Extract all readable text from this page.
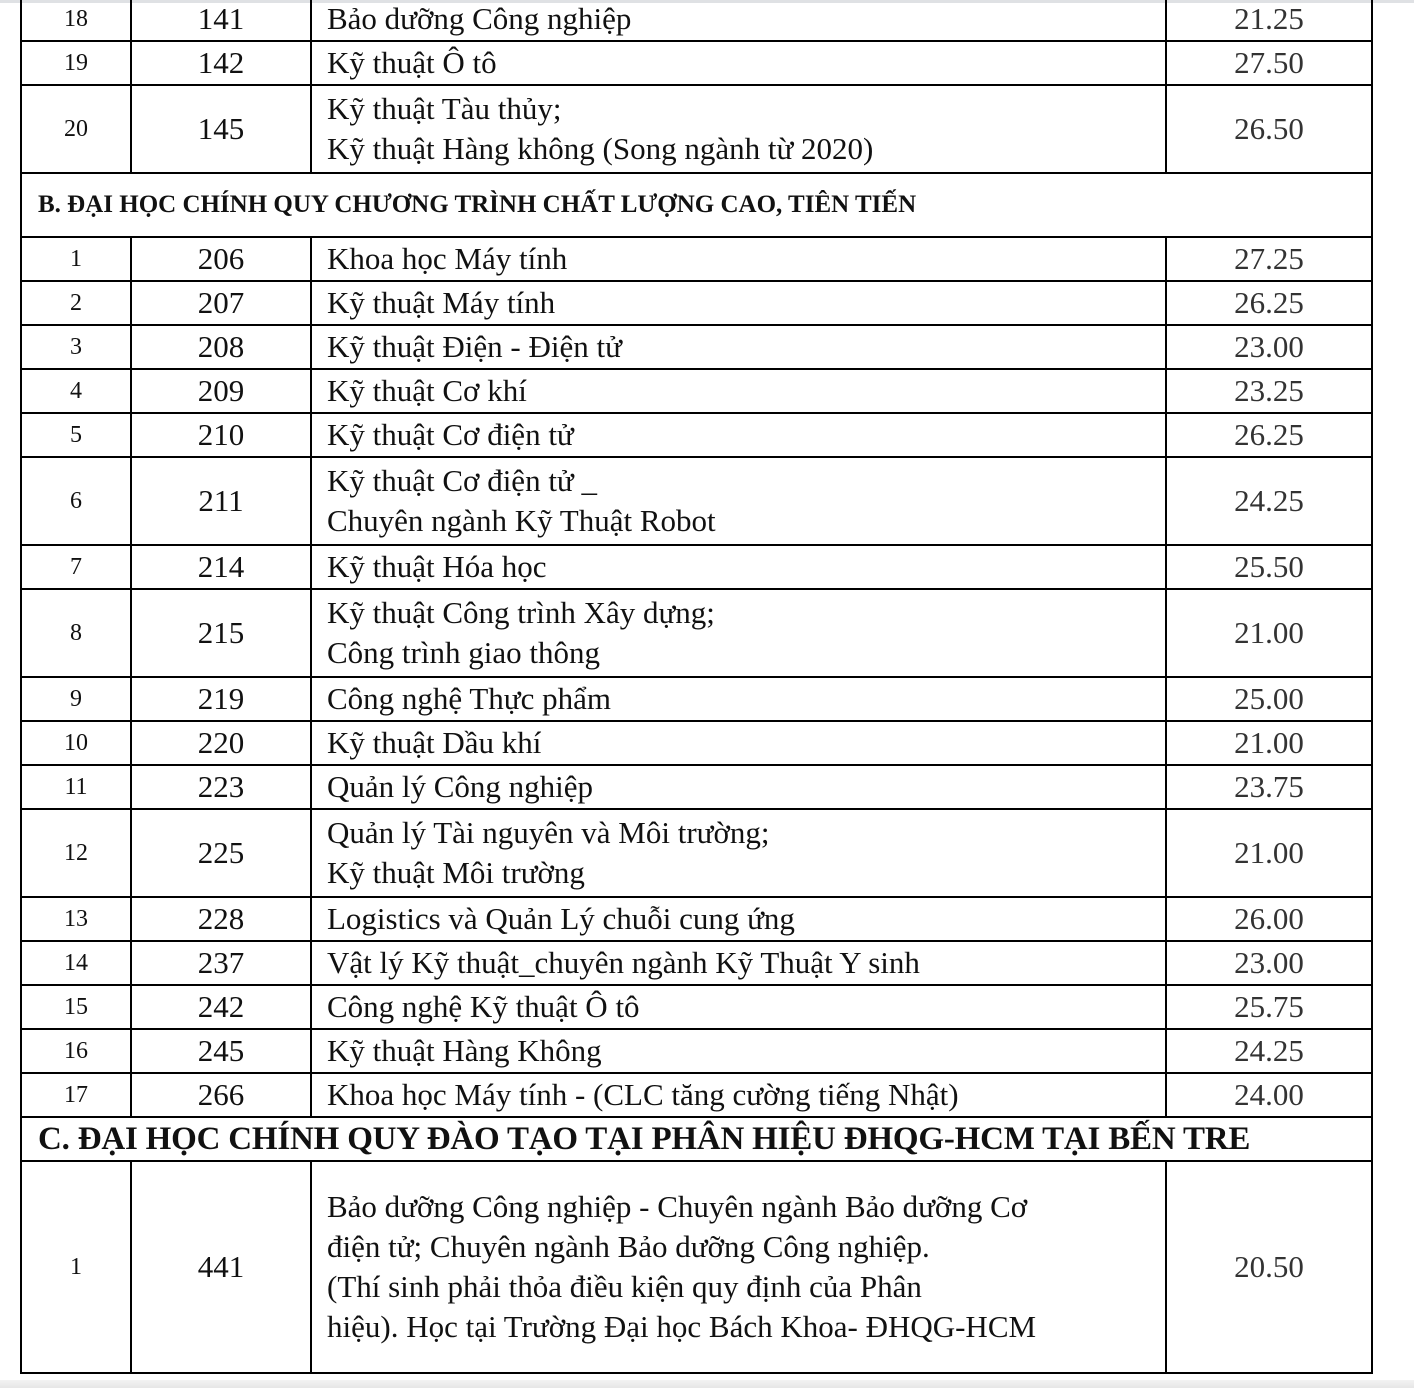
18	141	Bảo dưỡng Công nghiệp	21.25
19	142	Kỹ thuật Ô tô	27.50
20	145	Kỹ thuật Tàu thủy;
Kỹ thuật Hàng không (Song ngành từ 2020)	26.50
B. ĐẠI HỌC CHÍNH QUY CHƯƠNG TRÌNH CHẤT LƯỢNG CAO, TIÊN TIẾN			
1	206	Khoa học Máy tính	27.25
2	207	Kỹ thuật Máy tính	26.25
3	208	Kỹ thuật Điện - Điện tử	23.00
4	209	Kỹ thuật Cơ khí	23.25
5	210	Kỹ thuật Cơ điện tử	26.25
6	211	Kỹ thuật Cơ điện tử _
Chuyên ngành Kỹ Thuật Robot	24.25
7	214	Kỹ thuật Hóa học	25.50
8	215	Kỹ thuật Công trình Xây dựng;
Công trình giao thông	21.00
9	219	Công nghệ Thực phẩm	25.00
10	220	Kỹ thuật Dầu khí	21.00
11	223	Quản lý Công nghiệp	23.75
12	225	Quản lý Tài nguyên và Môi trường;
Kỹ thuật Môi trường	21.00
13	228	Logistics và Quản Lý chuỗi cung ứng	26.00
14	237	Vật lý Kỹ thuật_chuyên ngành Kỹ Thuật Y sinh	23.00
15	242	Công nghệ Kỹ thuật Ô tô	25.75
16	245	Kỹ thuật Hàng Không	24.25
17	266	Khoa học Máy tính - (CLC tăng cường tiếng Nhật)	24.00
C. ĐẠI HỌC CHÍNH QUY ĐÀO TẠO TẠI PHÂN HIỆU ĐHQG-HCM TẠI BẾN TRE			
1	441	Bảo dưỡng Công nghiệp - Chuyên ngành Bảo dưỡng Cơ
điện tử; Chuyên ngành Bảo dưỡng Công nghiệp.
(Thí sinh phải thỏa điều kiện quy định của Phân
hiệu). Học tại Trường Đại học Bách Khoa- ĐHQG-HCM	20.50
